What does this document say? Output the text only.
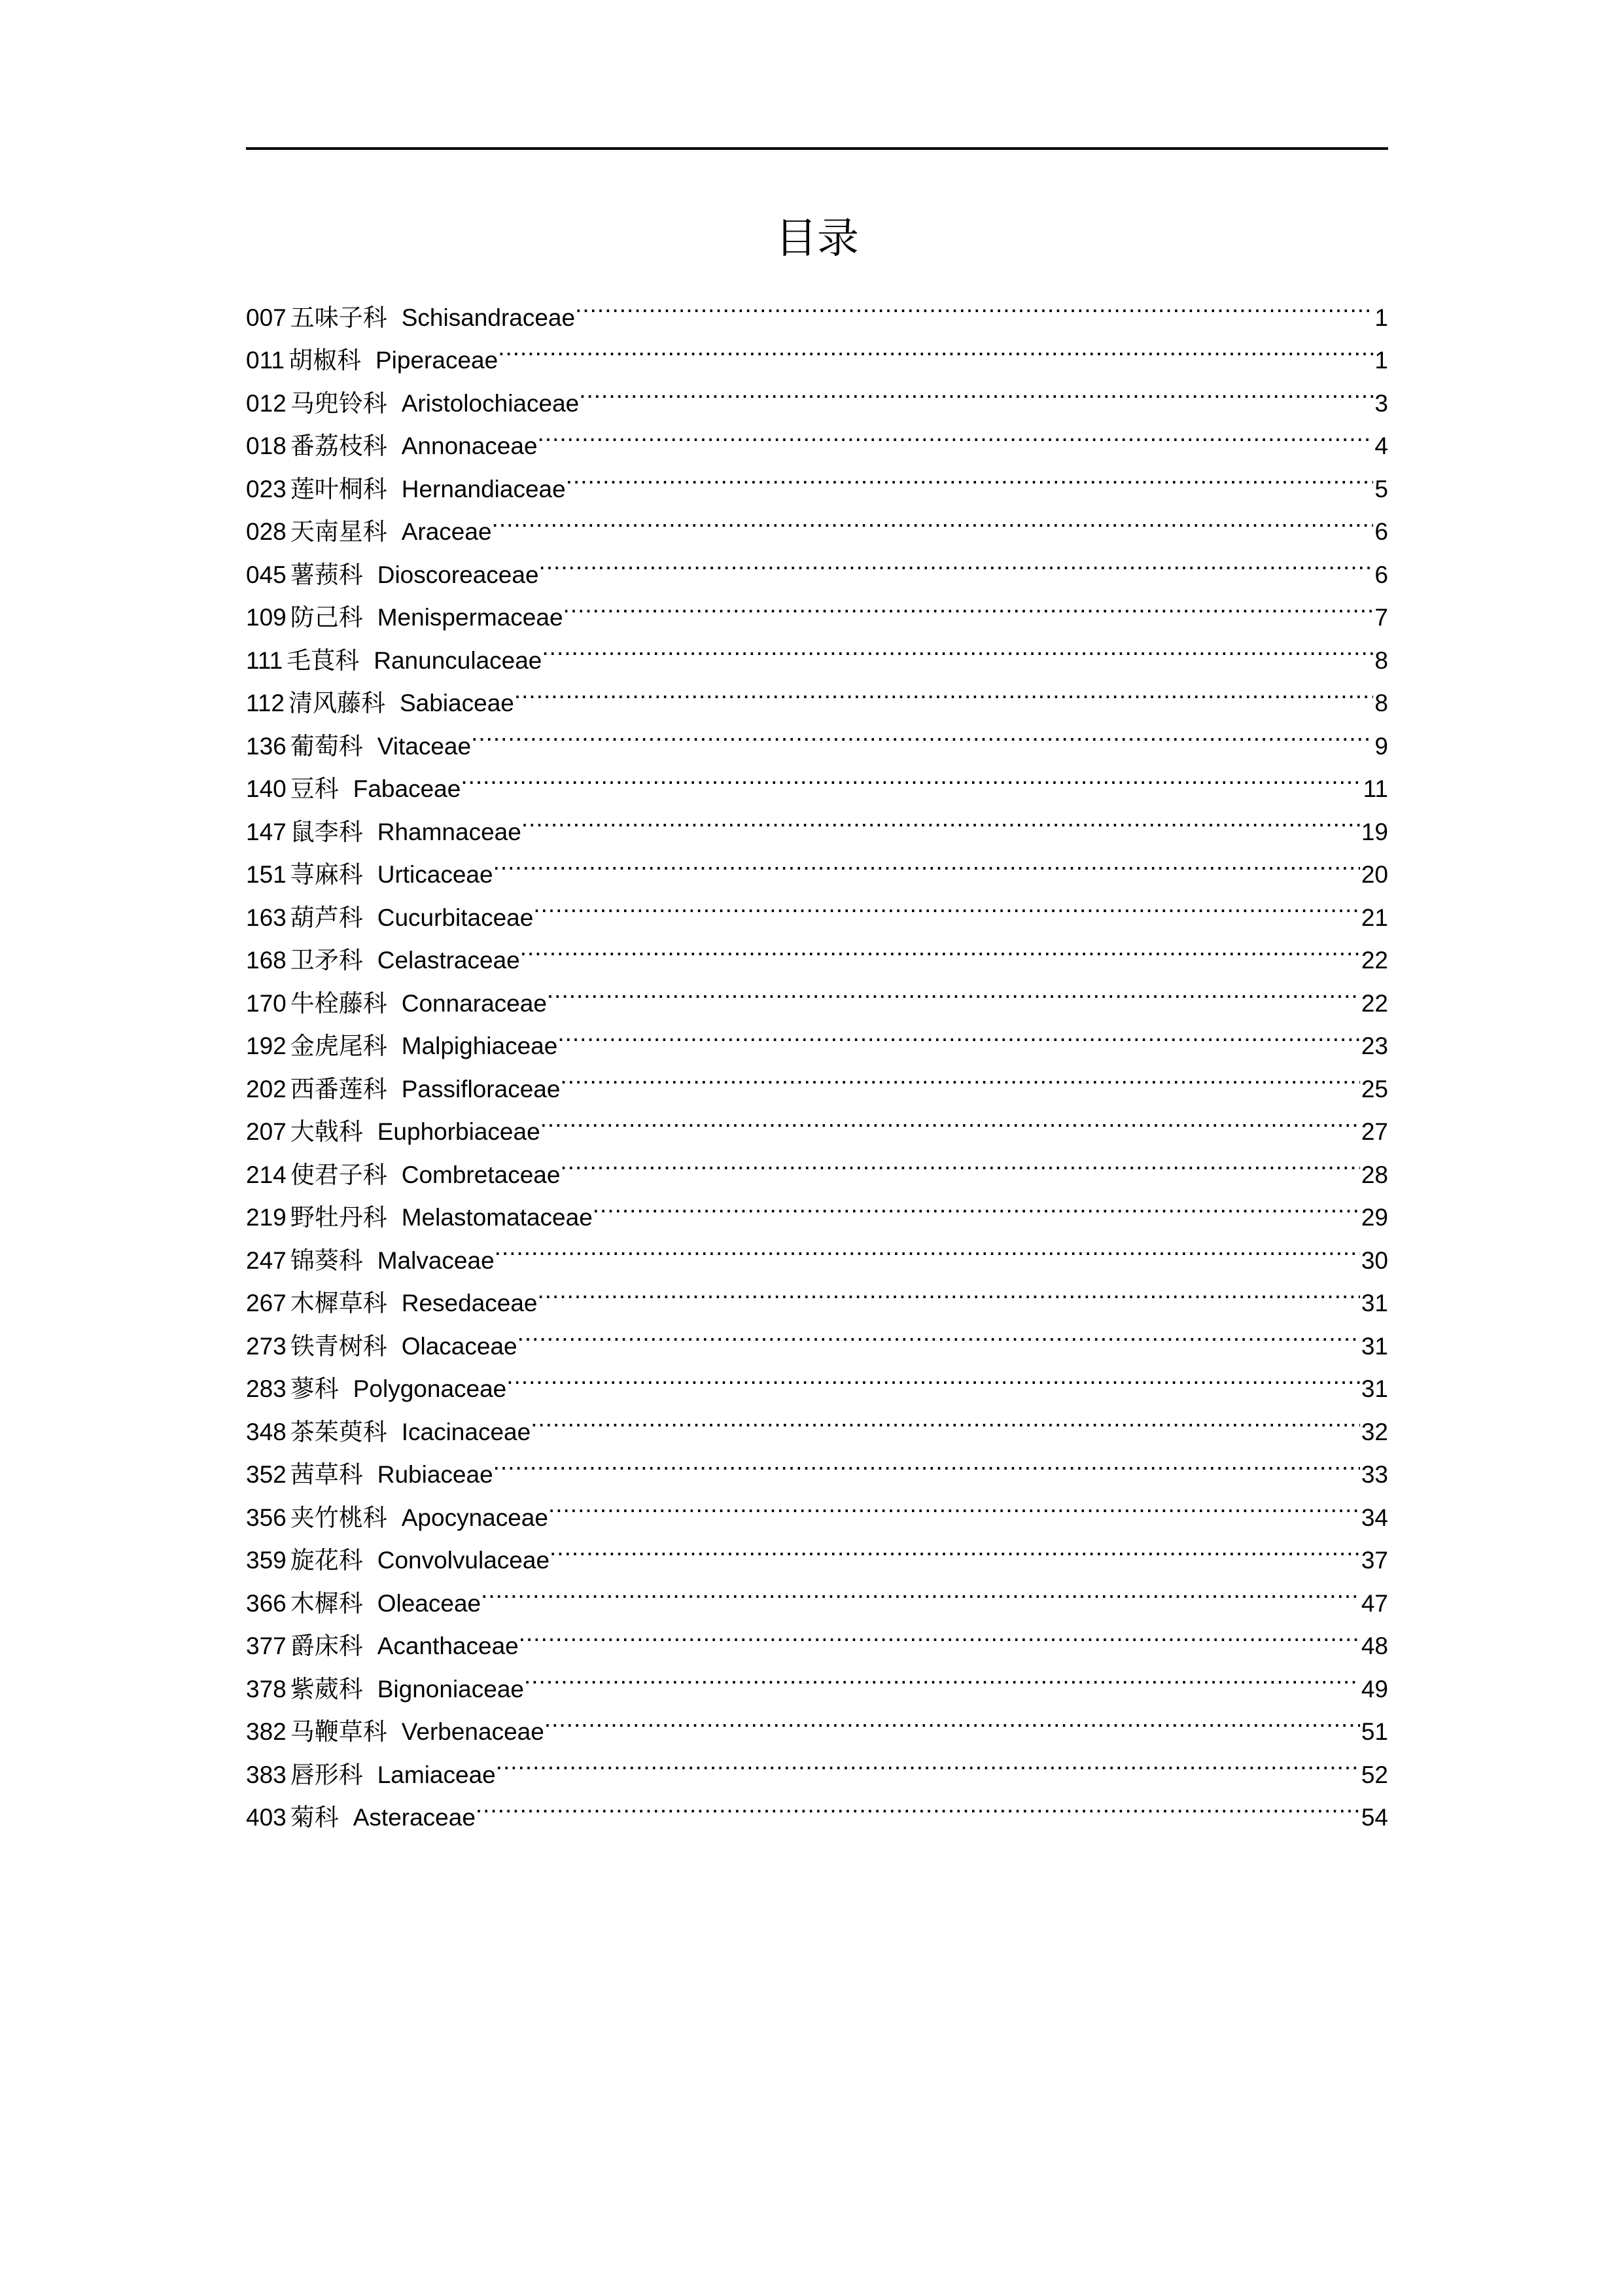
目录
007 五味子科 Schisandraceae .....	1
011 胡椒科 Piperaceae .....	1
012 马兜铃科 Aristolochiaceae .....	3
018 番荔枝科 Annonaceae .....	4
023 莲叶桐科 Hernandiaceae .....	5
028 天南星科 Araceae .....	6
045 薯蓣科 Dioscoreaceae .....	6
109 防己科 Menispermaceae .....	7
111 毛茛科 Ranunculaceae .....	8
112 清风藤科 Sabiaceae .....	8
136 葡萄科 Vitaceae .....	9
140 豆科 Fabaceae .....	11
147 鼠李科 Rhamnaceae .....	19
151 荨麻科 Urticaceae .....	20
163 葫芦科 Cucurbitaceae .....	21
168 卫矛科 Celastraceae .....	22
170 牛栓藤科 Connaraceae .....	22
192 金虎尾科 Malpighiaceae .....	23
202 西番莲科 Passifloraceae .....	25
207 大戟科 Euphorbiaceae .....	27
214 使君子科 Combretaceae .....	28
219 野牡丹科 Melastomataceae .....	29
247 锦葵科 Malvaceae .....	30
267 木樨草科 Resedaceae .....	31
273 铁青树科 Olacaceae .....	31
283 蓼科 Polygonaceae .....	31
348 茶茱萸科 Icacinaceae .....	32
352 茜草科 Rubiaceae .....	33
356 夹竹桃科 Apocynaceae .....	34
359 旋花科 Convolvulaceae .....	37
366 木樨科 Oleaceae .....	47
377 爵床科 Acanthaceae .....	48
378 紫葳科 Bignoniaceae .....	49
382 马鞭草科 Verbenaceae .....	51
383 唇形科 Lamiaceae .....	52
403 菊科 Asteraceae .....	54
